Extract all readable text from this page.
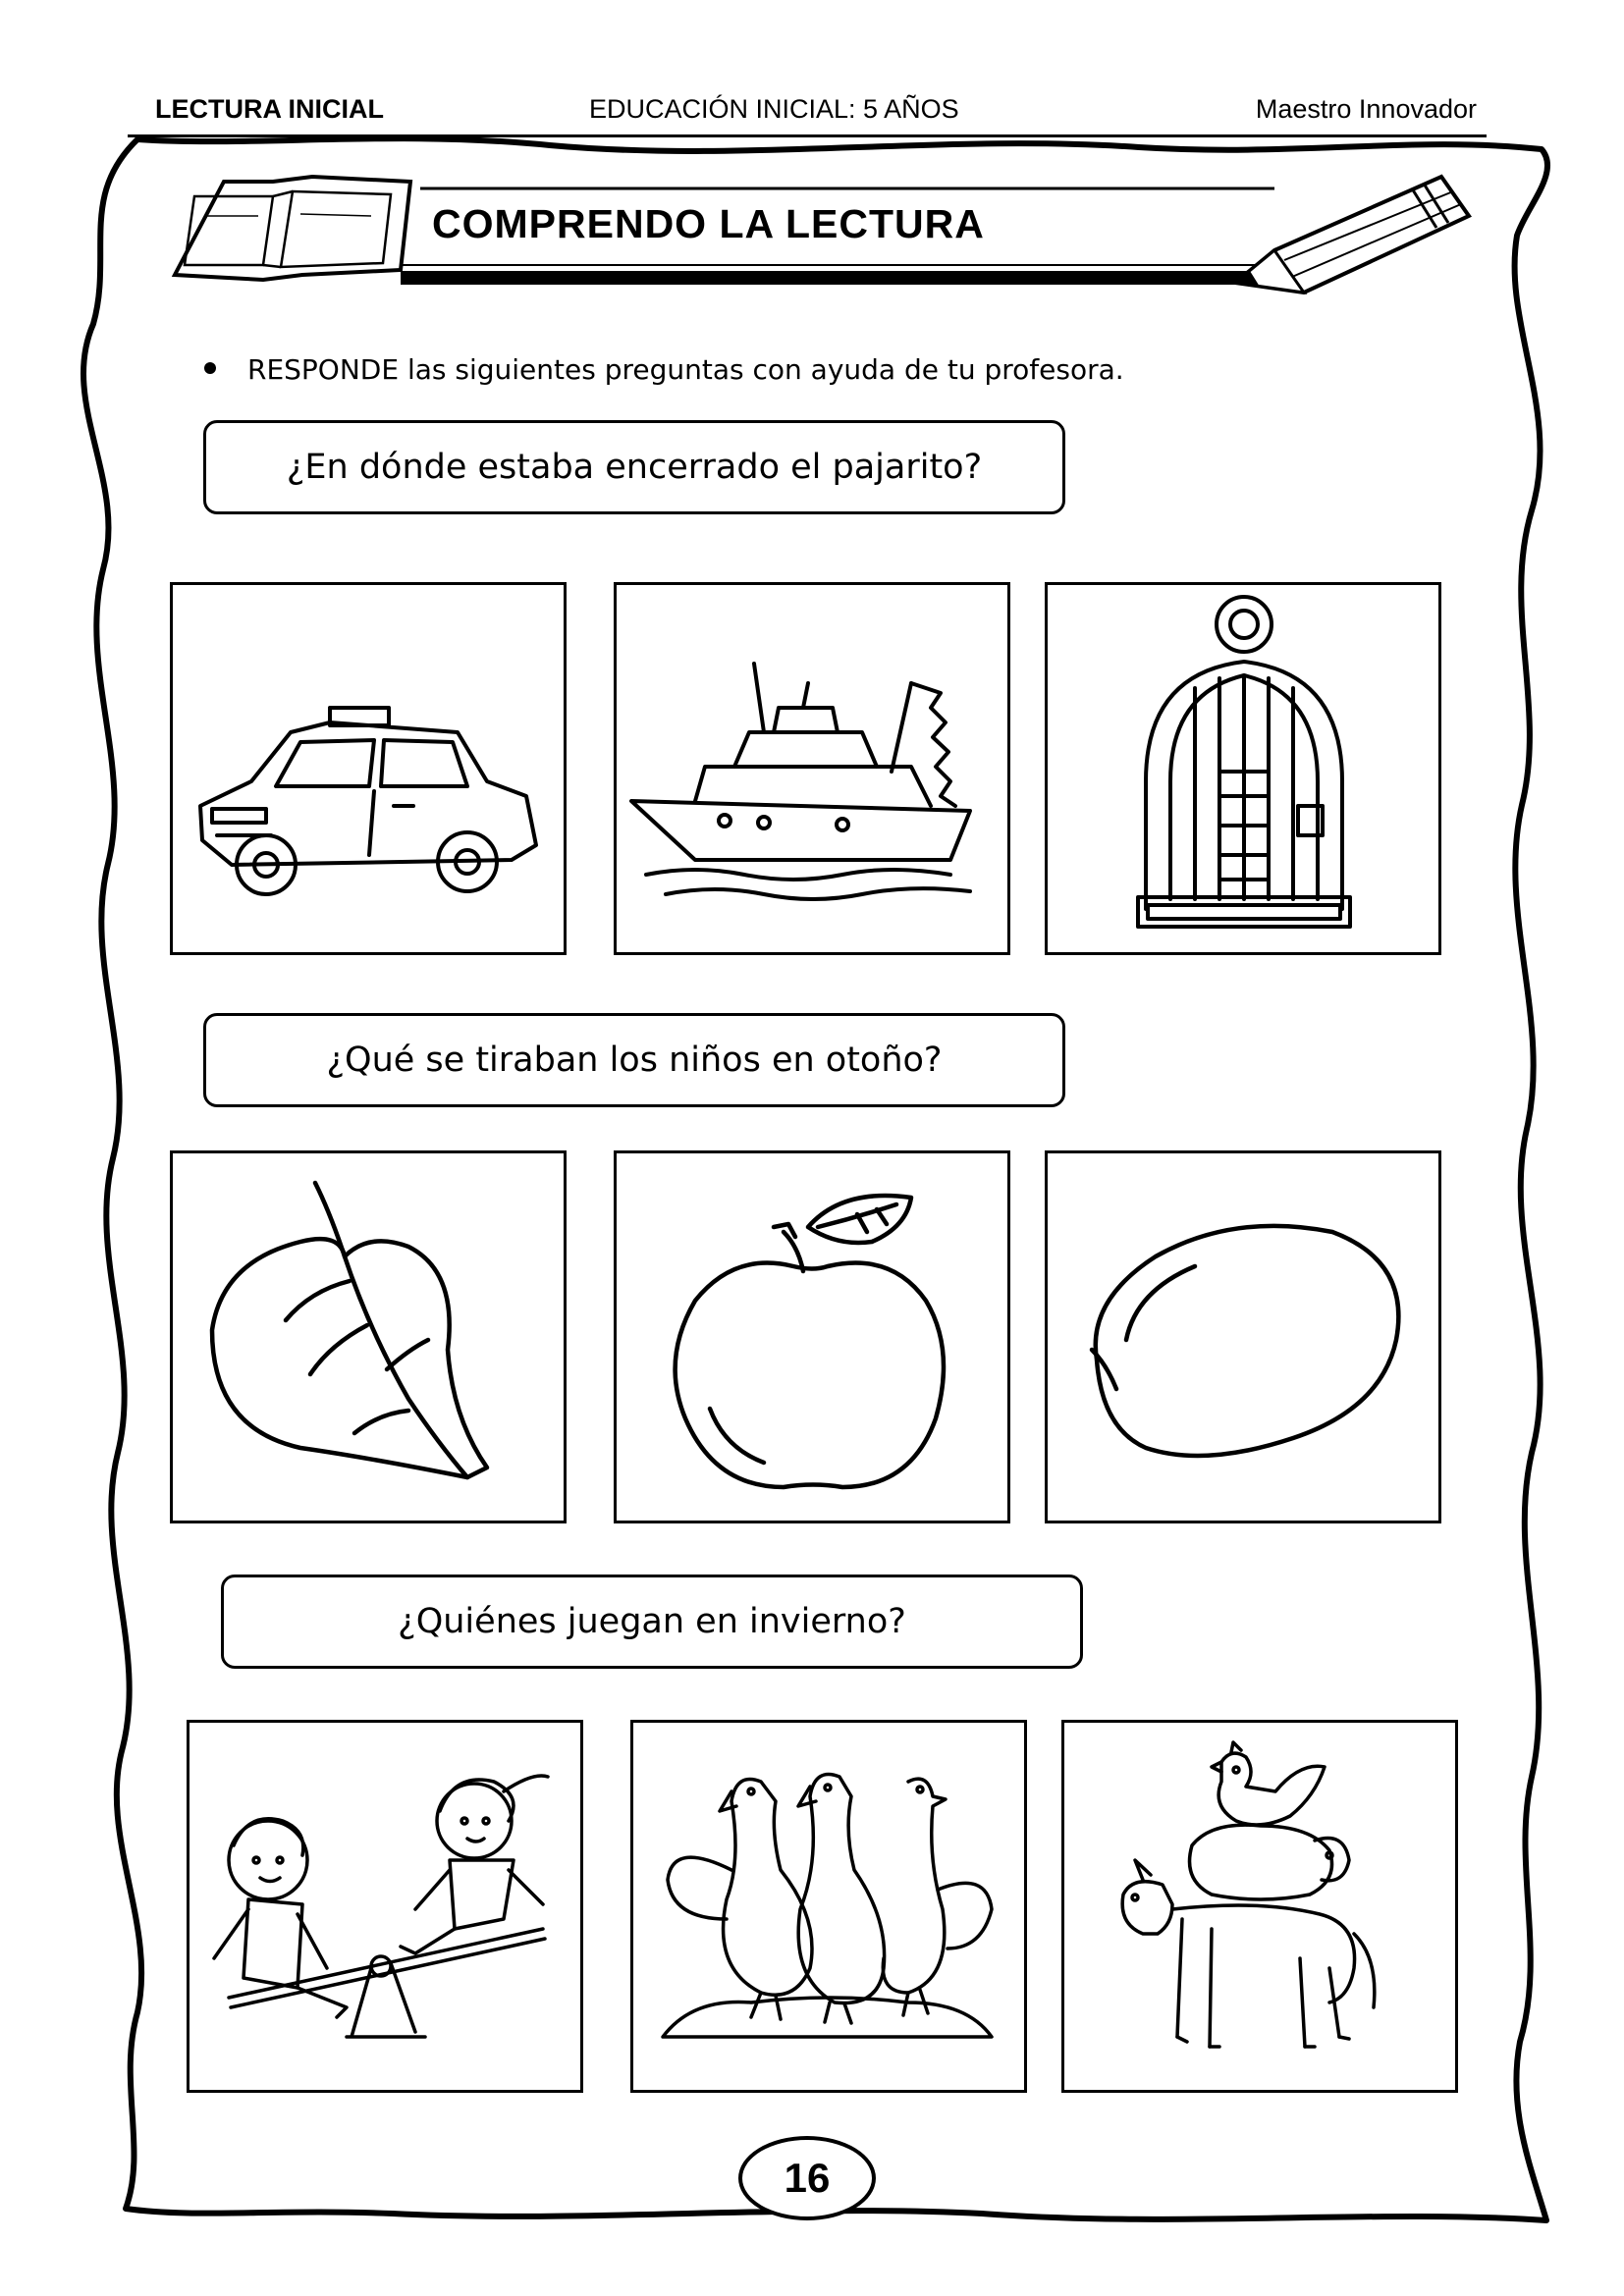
LECTURA INICIAL	EDUCACIÓN INICIAL: 5 AÑOS	Maestro Innovador
COMPRENDO LA LECTURA
RESPONDE las siguientes preguntas con ayuda de tu profesora.
¿En dónde estaba encerrado el pajarito?
¿Qué se tiraban los niños en otoño?
¿Quiénes juegan en invierno?
16
